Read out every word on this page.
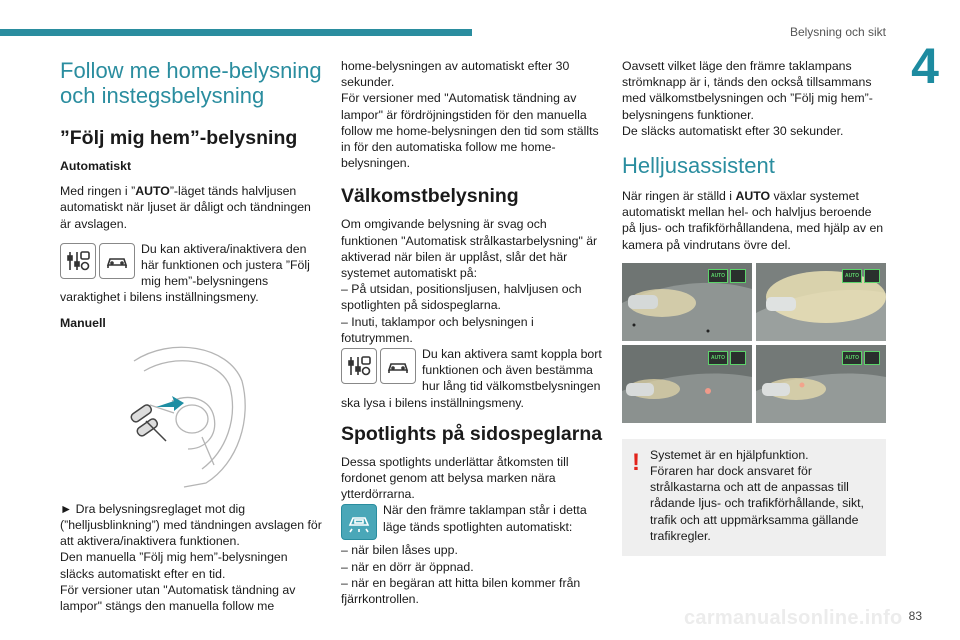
Belysning och sikt
4
Follow me home-belysning och instegsbelysning
”Följ mig hem”-belysning
Automatiskt

Med ringen i ”AUTO”-läget tänds halvljusen automatiskt när ljuset är dåligt och tändningen är avslagen.

Du kan aktivera/inaktivera den här funktionen och justera ”Följ mig hem”-belysningens varaktighet i bilens inställningsmeny.

Manuell

► Dra belysningsreglaget mot dig (”helljusblinkning”) med tändningen avslagen för att aktivera/inaktivera funktionen.

Den manuella ”Följ mig hem”-belysningen släcks automatiskt efter en tid.

För versioner utan "Automatisk tändning av lampor" stängs den manuella follow me

home-belysningen av automatiskt efter 30 sekunder.

För versioner med "Automatisk tändning av lampor" är fördröjningstiden för den manuella follow me home-belysningen den tid som ställts in för den automatiska follow me home-belysningen.

Välkomstbelysning

Om omgivande belysning är svag och funktionen "Automatisk strålkastarbelysning" är aktiverad när bilen är upplåst, slår det här systemet automatiskt på:

– På utsidan, positionsljusen, halvljusen och spotlighten på sidospeglarna.

– Inuti, taklampor och belysningen i fotutrymmen.

Du kan aktivera samt koppla bort funktionen och även bestämma hur lång tid välkomstbelysningen ska lysa i bilens inställningsmeny.

Spotlights på sidospeglarna

Dessa spotlights underlättar åtkomsten till fordonet genom att belysa marken nära ytterdörrarna.

När den främre taklampan står i detta läge tänds spotlighten automatiskt:

– när bilen låses upp.

– när en dörr är öppnad.

– när en begäran att hitta bilen kommer från fjärrkontrollen.

Oavsett vilket läge den främre taklampans strömknapp är i, tänds den också tillsammans med välkomstbelysningen och ”Följ mig hem”-belysningens funktioner.

De släcks automatiskt efter 30 sekunder.

Helljusassistent

När ringen är ställd i AUTO växlar systemet automatiskt mellan hel- och halvljus beroende på ljus- och trafikförhållandena, med hjälp av en kamera på vindrutans övre del.

AUTO	AUTO
AUTO	AUTO
! Systemet är en hjälpfunktion.

Föraren har dock ansvaret för strålkastarna och att de anpassas till rådande ljus- och trafikförhållande, sikt, trafik och att uppmärksamma gällande trafikregler.

carmanualsonline.info 83
